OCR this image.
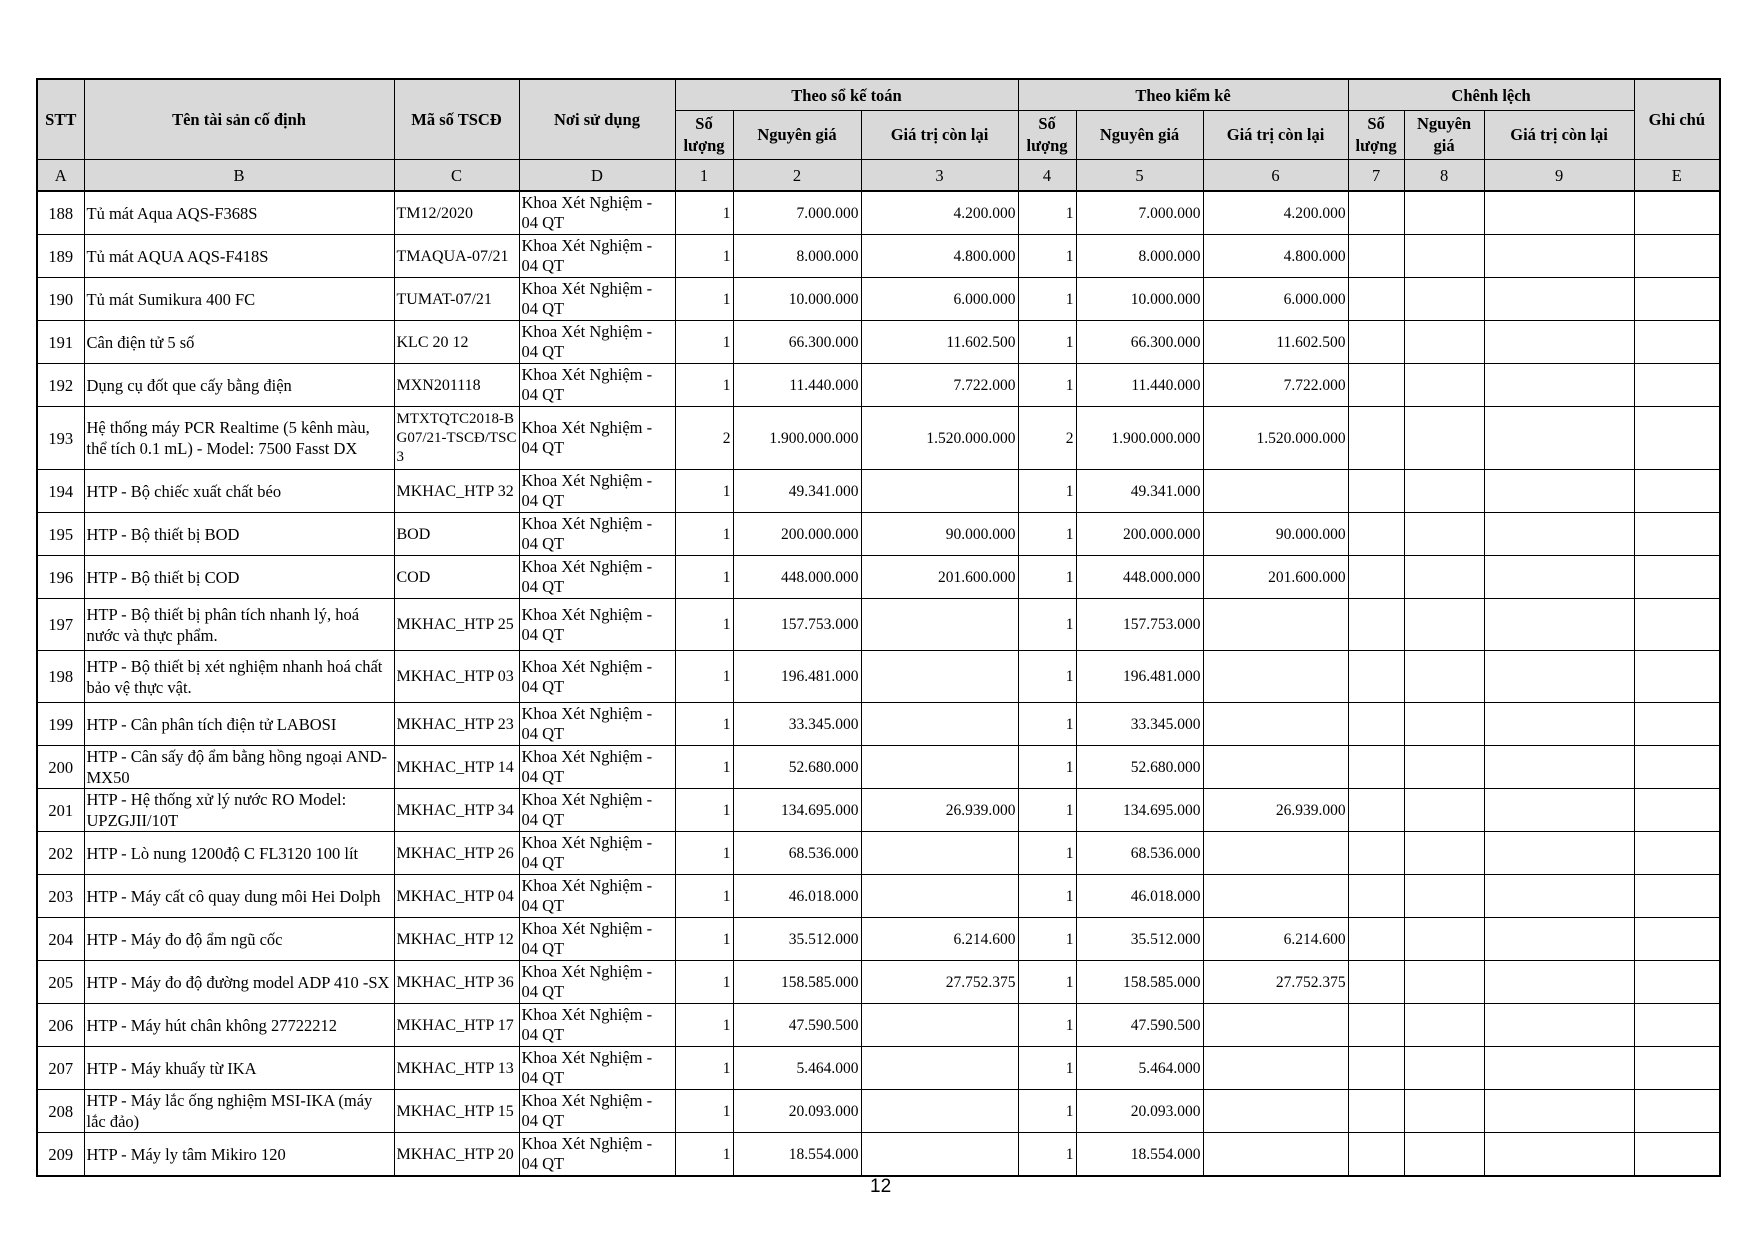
STT	Tên tài sản cố định	Mã số TSCĐ	Nơi sử dụng	Theo sổ kế toán			Theo kiểm kê			Chênh lệch			Ghi chú
				Số lượng	Nguyên giá	Giá trị còn lại	Số lượng	Nguyên giá	Giá trị còn lại	Số lượng	Nguyên giá	Giá trị còn lại	
A	B	C	D	1	2	3	4	5	6	7	8	9	E
188	Tủ mát Aqua AQS-F368S	TM12/2020	Khoa Xét Nghiệm - 04 QT	1	7.000.000	4.200.000	1	7.000.000	4.200.000				
189	Tủ mát AQUA AQS-F418S	TMAQUA-07/21	Khoa Xét Nghiệm - 04 QT	1	8.000.000	4.800.000	1	8.000.000	4.800.000				
190	Tủ mát Sumikura 400 FC	TUMAT-07/21	Khoa Xét Nghiệm - 04 QT	1	10.000.000	6.000.000	1	10.000.000	6.000.000				
191	Cân điện tử 5 số	KLC 20 12	Khoa Xét Nghiệm - 04 QT	1	66.300.000	11.602.500	1	66.300.000	11.602.500				
192	Dụng cụ đốt que cấy bằng điện	MXN201118	Khoa Xét Nghiệm - 04 QT	1	11.440.000	7.722.000	1	11.440.000	7.722.000				
193	Hệ thống máy PCR Realtime (5 kênh màu, thể tích 0.1 mL) - Model: 7500 Fasst DX	MTXTQTC2018-BG07/21-TSCĐ/TSC3	Khoa Xét Nghiệm - 04 QT	2	1.900.000.000	1.520.000.000	2	1.900.000.000	1.520.000.000				
194	HTP - Bộ chiếc xuất chất béo	MKHAC_HTP 32	Khoa Xét Nghiệm - 04 QT	1	49.341.000		1	49.341.000					
195	HTP - Bộ thiết bị BOD	BOD	Khoa Xét Nghiệm - 04 QT	1	200.000.000	90.000.000	1	200.000.000	90.000.000				
196	HTP - Bộ thiết bị COD	COD	Khoa Xét Nghiệm - 04 QT	1	448.000.000	201.600.000	1	448.000.000	201.600.000				
197	HTP - Bộ thiết bị phân tích nhanh lý, hoá nước và thực phẩm.	MKHAC_HTP 25	Khoa Xét Nghiệm - 04 QT	1	157.753.000		1	157.753.000					
198	HTP - Bộ thiết bị xét nghiệm nhanh hoá chất bảo vệ thực vật.	MKHAC_HTP 03	Khoa Xét Nghiệm - 04 QT	1	196.481.000		1	196.481.000					
199	HTP - Cân phân tích điện tử LABOSI	MKHAC_HTP 23	Khoa Xét Nghiệm - 04 QT	1	33.345.000		1	33.345.000					
200	HTP - Cân sấy độ ẩm bằng hồng ngoại AND-MX50	MKHAC_HTP 14	Khoa Xét Nghiệm - 04 QT	1	52.680.000		1	52.680.000					
201	HTP - Hệ thống xử lý nước RO Model: UPZGJII/10T	MKHAC_HTP 34	Khoa Xét Nghiệm - 04 QT	1	134.695.000	26.939.000	1	134.695.000	26.939.000				
202	HTP - Lò nung 1200độ C FL3120 100 lít	MKHAC_HTP 26	Khoa Xét Nghiệm - 04 QT	1	68.536.000		1	68.536.000					
203	HTP - Máy cất cô quay dung môi Hei Dolph	MKHAC_HTP 04	Khoa Xét Nghiệm - 04 QT	1	46.018.000		1	46.018.000					
204	HTP - Máy đo độ ẩm ngũ cốc	MKHAC_HTP 12	Khoa Xét Nghiệm - 04 QT	1	35.512.000	6.214.600	1	35.512.000	6.214.600				
205	HTP - Máy đo độ đường model ADP 410 -SX	MKHAC_HTP 36	Khoa Xét Nghiệm - 04 QT	1	158.585.000	27.752.375	1	158.585.000	27.752.375				
206	HTP - Máy hút chân không 27722212	MKHAC_HTP 17	Khoa Xét Nghiệm - 04 QT	1	47.590.500		1	47.590.500					
207	HTP - Máy khuấy từ IKA	MKHAC_HTP 13	Khoa Xét Nghiệm - 04 QT	1	5.464.000		1	5.464.000					
208	HTP - Máy lắc ống nghiệm MSI-IKA (máy lắc đảo)	MKHAC_HTP 15	Khoa Xét Nghiệm - 04 QT	1	20.093.000		1	20.093.000					
209	HTP - Máy ly tâm Mikiro 120	MKHAC_HTP 20	Khoa Xét Nghiệm - 04 QT	1	18.554.000		1	18.554.000					
12
